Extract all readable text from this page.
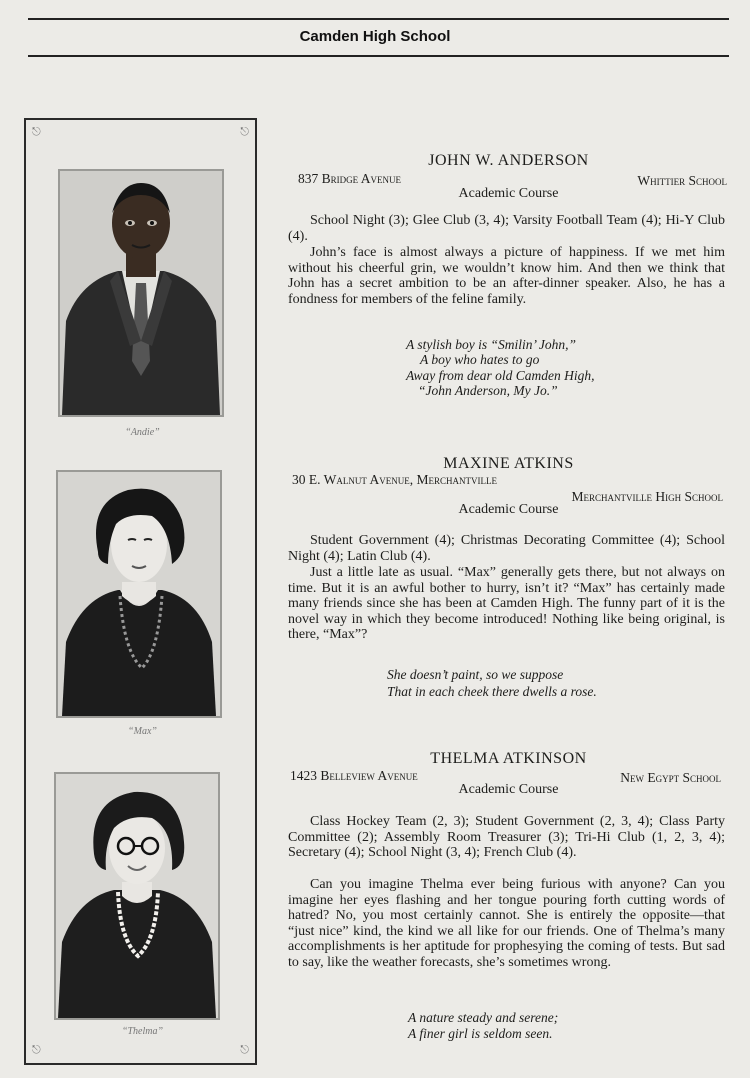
Camden High School
⎋	⎋
⎋	⎋
“Andie”
“Max”
“Thelma”
JOHN W. ANDERSON
837 Bridge Avenue	Whittier School
Academic Course

School Night (3); Glee Club (3, 4); Varsity Football Team (4); Hi-Y Club (4).

John’s face is almost always a picture of happiness. If we met him without his cheerful grin, we wouldn’t know him. And then we think that John has a secret ambition to be an after-dinner speaker. Also, he has a fondness for members of the feline family.

A stylish boy is “Smilin’ John,”
A boy who hates to go
Away from dear old Camden High,
“John Anderson, My Jo.”
MAXINE ATKINS
30 E. Walnut Avenue, Merchantville
Merchantville High School
Academic Course

Student Government (4); Christmas Decorating Committee (4); School Night (4); Latin Club (4).

Just a little late as usual. “Max” generally gets there, but not always on time. But it is an awful bother to hurry, isn’t it? “Max” has certainly made many friends since she has been at Camden High. The funny part of it is the novel way in which they become introduced! Nothing like being original, is there, “Max”?

She doesn’t paint, so we suppose
That in each cheek there dwells a rose.
THELMA ATKINSON
1423 Belleview Avenue	New Egypt School
Academic Course

Class Hockey Team (2, 3); Student Government (2, 3, 4); Class Party Committee (2); Assembly Room Treasurer (3); Tri-Hi Club (1, 2, 3, 4); Secretary (4); School Night (3, 4); French Club (4).

Can you imagine Thelma ever being furious with anyone? Can you imagine her eyes flashing and her tongue pouring forth cutting words of hatred? No, you most certainly cannot. She is entirely the opposite—that “just nice” kind, the kind we all like for our friends. One of Thelma’s many accomplishments is her aptitude for prophesying the coming of tests. But sad to say, like the weather forecasts, she’s sometimes wrong.

A nature steady and serene;
A finer girl is seldom seen.
